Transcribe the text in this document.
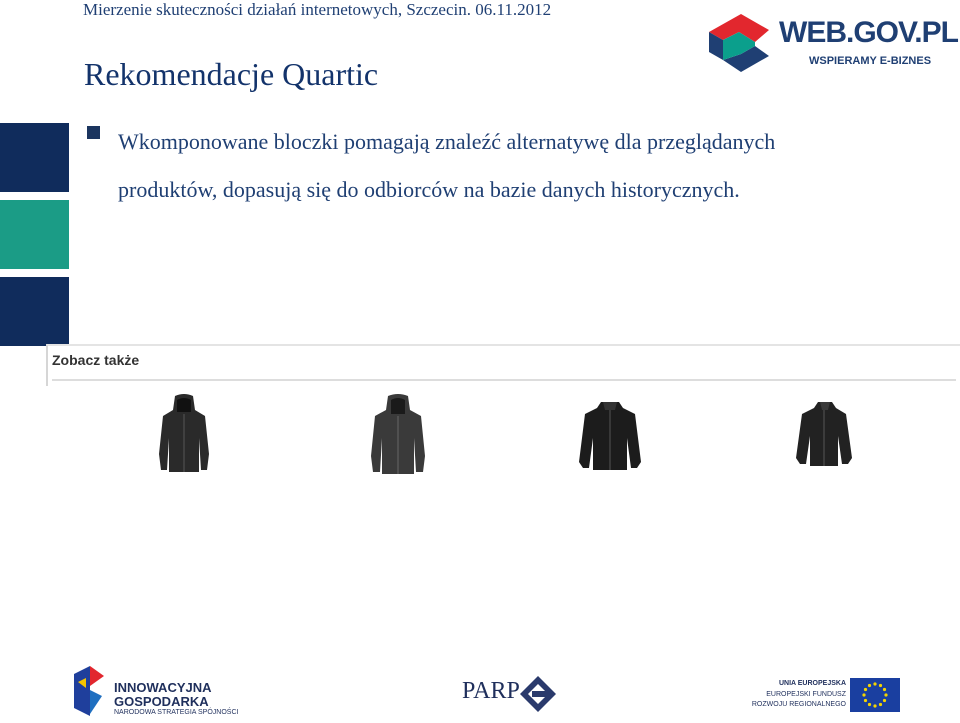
Mierzenie skuteczności działań internetowych, Szczecin. 06.11.2012
WEB.GOV.PL
WSPIERAMY E-BIZNES
Rekomendacje Quartic
Wkomponowane bloczki pomagają znaleźć alternatywę dla przeglądanych
produktów, dopasują się do odbiorców na bazie danych historycznych.
Zobacz także
INNOWACYJNA
GOSPODARKA
NARODOWA STRATEGIA SPÓJNOŚCI
PARP	UNIA EUROPEJSKA
EUROPEJSKI FUNDUSZ
ROZWOJU REGIONALNEGO
